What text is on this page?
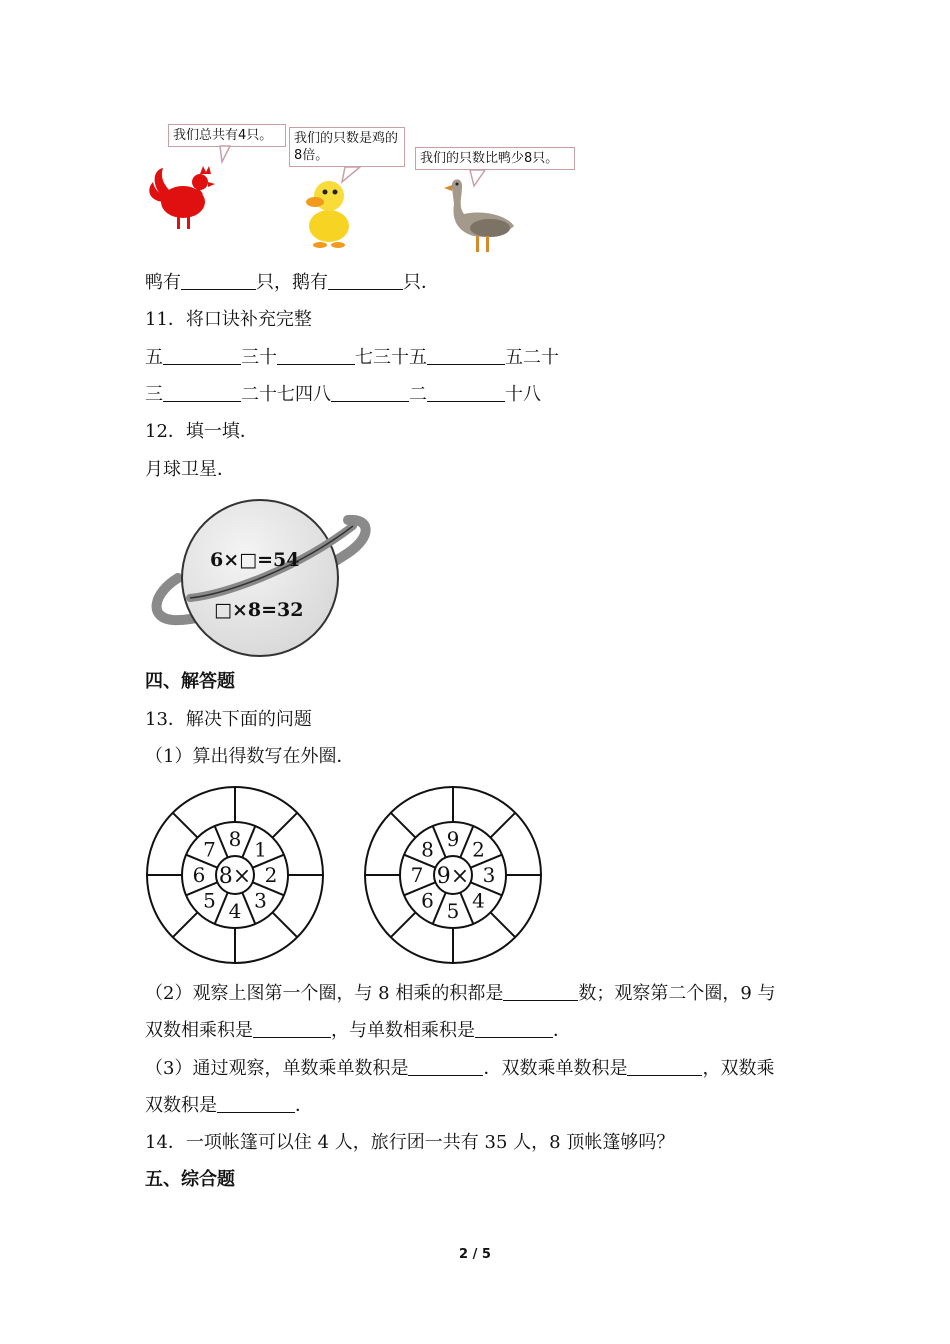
我们总共有4只。	我们的只数是鸡的8倍。	我们的只数比鸭少8只。
鸭有	只，鹅有	只．
11．将口诀补充完整
五	三十	七三十五	五二十
三	二十七四八	二	十八
12．填一填．
月球卫星．
6×□=54
□×8=32
四、解答题
13．解决下面的问题
（1）算出得数写在外圈．
8 1
2
3
4
5
6
7
8×
9 2
3
4
5
6
7
8
9×
（2）观察上图第一个圈，与 8 相乘的积都是	数；观察第二个圈，9 与
双数相乘积是	，与单数相乘积是	．
（3）通过观察，单数乘单数积是	．双数乘单数积是	，双数乘
双数积是	．
14．一项帐篷可以住 4 人，旅行团一共有 35 人，8 顶帐篷够吗？
五、综合题
2 / 5
